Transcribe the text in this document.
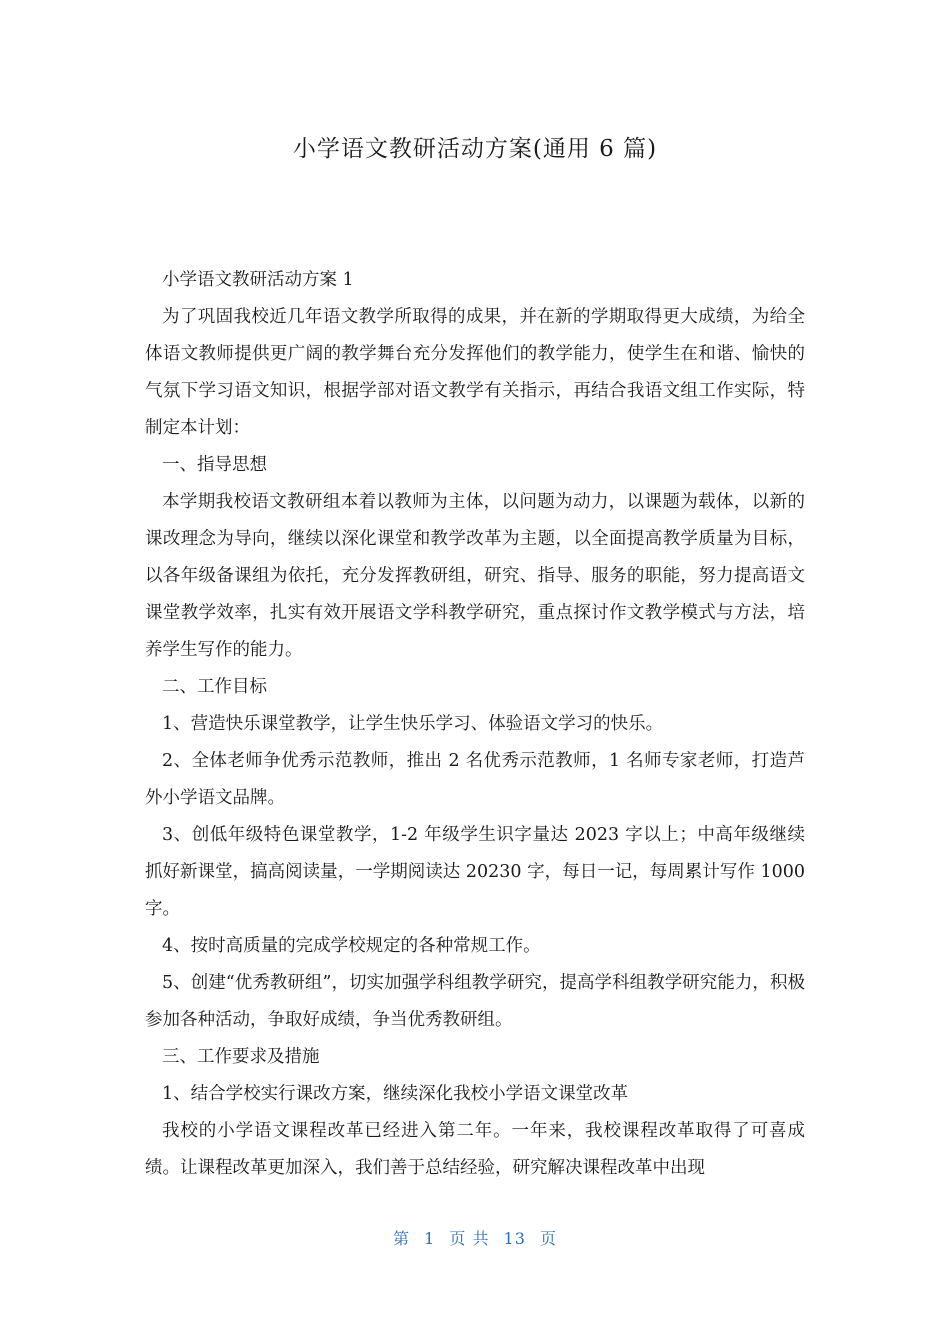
小学语文教研活动方案(通用 6 篇)

小学语文教研活动方案 1

为了巩固我校近几年语文教学所取得的成果，并在新的学期取得更大成绩，为给全体语文教师提供更广阔的教学舞台充分发挥他们的教学能力，使学生在和谐、愉快的气氛下学习语文知识，根据学部对语文教学有关指示，再结合我语文组工作实际，特制定本计划：

一、指导思想

本学期我校语文教研组本着以教师为主体，以问题为动力，以课题为载体，以新的课改理念为导向，继续以深化课堂和教学改革为主题，以全面提高教学质量为目标，以各年级备课组为依托，充分发挥教研组，研究、指导、服务的职能，努力提高语文课堂教学效率，扎实有效开展语文学科教学研究，重点探讨作文教学模式与方法，培养学生写作的能力。

二、工作目标

1、营造快乐课堂教学，让学生快乐学习、体验语文学习的快乐。

2、全体老师争优秀示范教师，推出 2 名优秀示范教师，1 名师专家老师，打造芦外小学语文品牌。

3、创低年级特色课堂教学，1-2 年级学生识字量达 2023 字以上；中高年级继续抓好新课堂，搞高阅读量，一学期阅读达 20230 字，每日一记，每周累计写作 1000 字。

4、按时高质量的完成学校规定的各种常规工作。

5、创建“优秀教研组”，切实加强学科组教学研究，提高学科组教学研究能力，积极参加各种活动，争取好成绩，争当优秀教研组。

三、工作要求及措施

1、结合学校实行课改方案，继续深化我校小学语文课堂改革

我校的小学语文课程改革已经进入第二年。一年来，我校课程改革取得了可喜成绩。让课程改革更加深入，我们善于总结经验，研究解决课程改革中出现

第 1 页 共 13 页
